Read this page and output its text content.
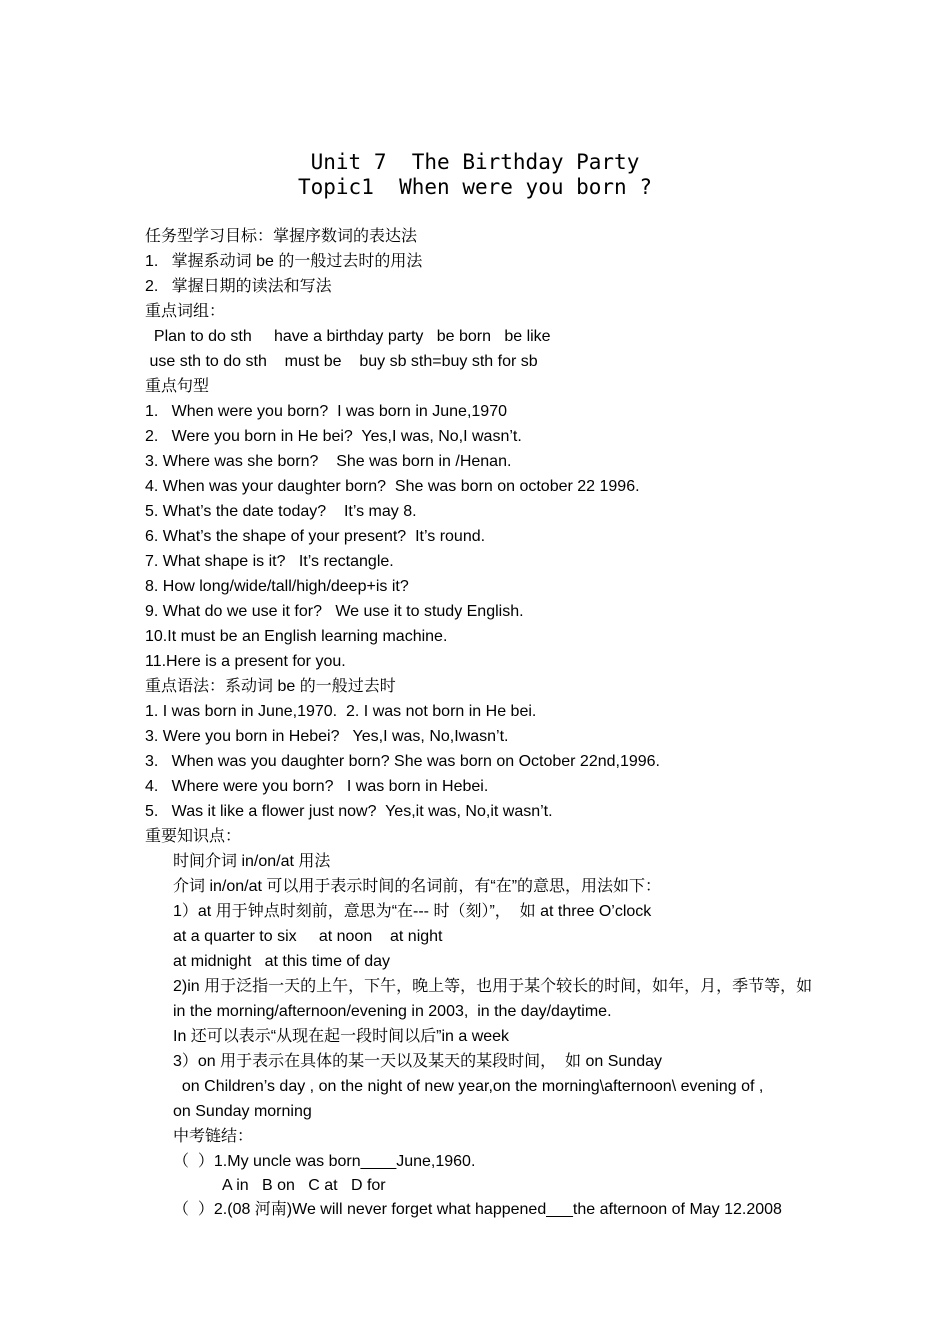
Unit 7  The Birthday Party
Topic1  When were you born ?
任务型学习目标：掌握序数词的表达法
1.   掌握系动词 be 的一般过去时的用法
2.   掌握日期的读法和写法
重点词组：
Plan to do sth     have a birthday party   be born   be like
use sth to do sth    must be    buy sb sth=buy sth for sb
重点句型
1.   When were you born?  I was born in June,1970
2.   Were you born in He bei?  Yes,I was, No,I wasn’t.
3. Where was she born?    She was born in /Henan.
4. When was your daughter born?  She was born on october 22 1996.
5. What’s the date today?    It’s may 8.
6. What’s the shape of your present?  It’s round.
7. What shape is it?   It’s rectangle.
8. How long/wide/tall/high/deep+is it?
9. What do we use it for?   We use it to study English.
10.It must be an English learning machine.
11.Here is a present for you.
重点语法：系动词 be 的一般过去时
1. I was born in June,1970.  2. I was not born in He bei.
3. Were you born in Hebei?   Yes,I was, No,Iwasn’t.
3.   When was you daughter born? She was born on October 22nd,1996.
4.   Where were you born?   I was born in Hebei.
5.   Was it like a flower just now?  Yes,it was, No,it wasn’t.
重要知识点：
时间介词 in/on/at 用法
介词 in/on/at 可以用于表示时间的名词前，有“在”的意思，用法如下：
1）at 用于钟点时刻前，意思为“在--- 时（刻）”，  如 at three O’clock
at a quarter to six     at noon    at night
at midnight   at this time of day
2)in 用于泛指一天的上午，下午，晚上等，也用于某个较长的时间，如年，月，季节等，如
in the morning/afternoon/evening in 2003,  in the day/daytime.
In 还可以表示“从现在起一段时间以后”in a week
3）on 用于表示在具体的某一天以及某天的某段时间，  如 on Sunday
on Children’s day , on the night of new year,on the morning\afternoon\ evening of ,
on Sunday morning
中考链结：
（  ）1.My uncle was born____June,1960.
A in   B on   C at   D for
（  ）2.(08 河南)We will never forget what happened___the afternoon of May 12.2008
